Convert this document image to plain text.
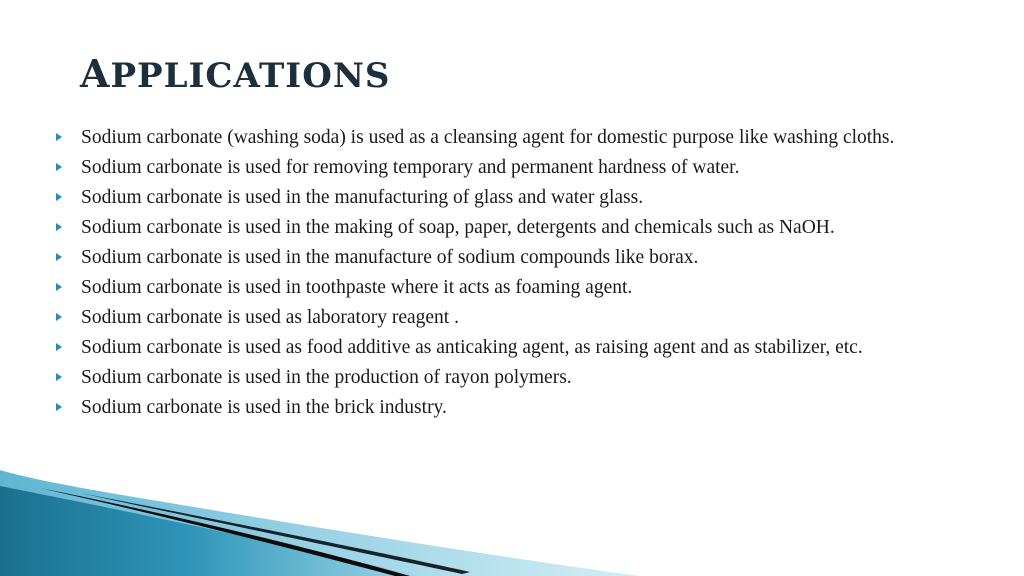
APPLICATIONS
Sodium carbonate (washing soda) is used as a cleansing agent for domestic purpose like washing cloths.
Sodium carbonate is used for removing temporary and permanent hardness of water.
Sodium carbonate is used in the manufacturing of glass and water glass.
Sodium carbonate is used in the making of soap, paper, detergents and chemicals such as NaOH.
Sodium carbonate is used in the manufacture of sodium compounds like borax.
Sodium carbonate is used in toothpaste where it acts as foaming agent.
Sodium carbonate is used as laboratory reagent .
Sodium carbonate is used as food additive as anticaking agent, as raising agent and as stabilizer, etc.
Sodium carbonate is used in the production of rayon polymers.
Sodium carbonate is used in the brick industry.
